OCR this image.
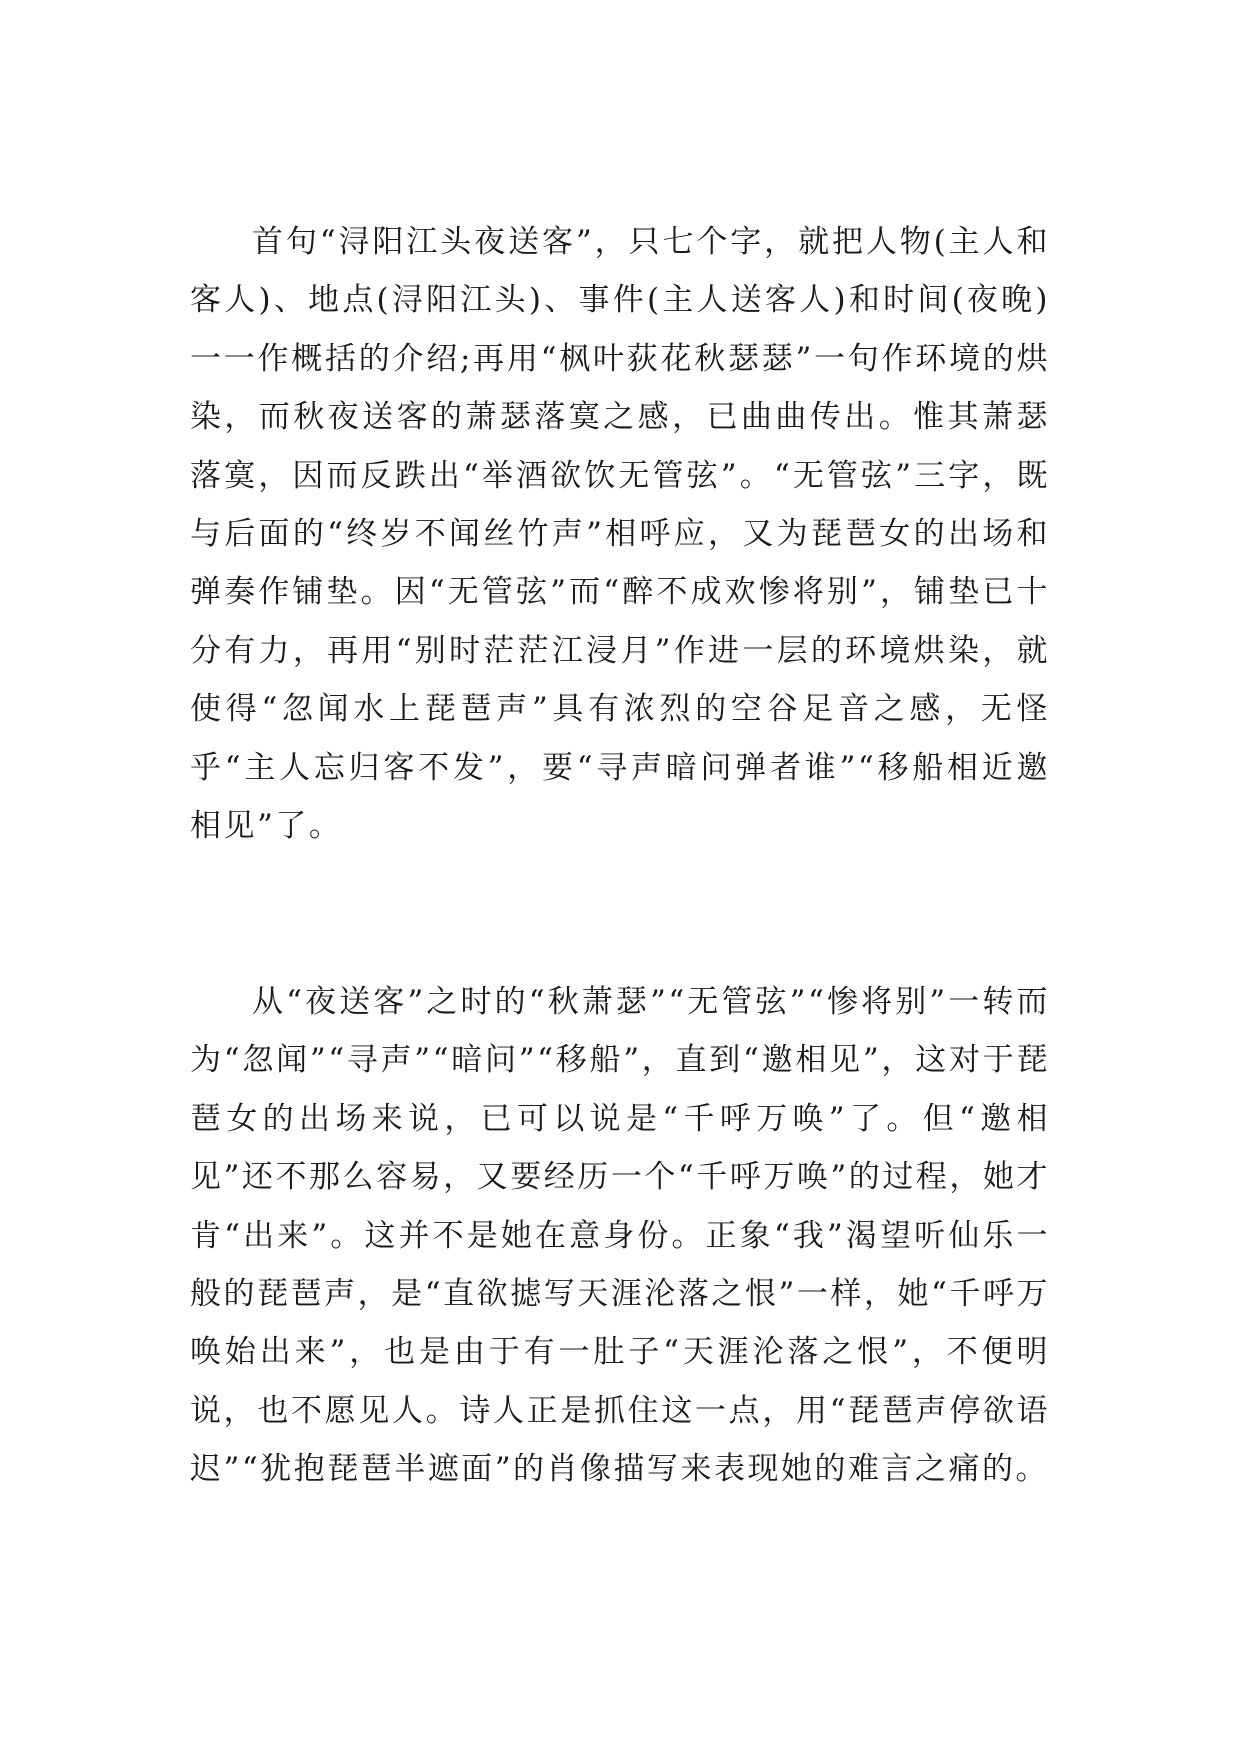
首句“浔阳江头夜送客”，只七个字，就把人物(主人和客人)、地点(浔阳江头)、事件(主人送客人)和时间(夜晚)一一作概括的介绍;再用“枫叶荻花秋瑟瑟”一句作环境的烘染，而秋夜送客的萧瑟落寞之感，已曲曲传出。惟其萧瑟落寞，因而反跌出“举酒欲饮无管弦”。“无管弦”三字，既与后面的“终岁不闻丝竹声”相呼应，又为琵琶女的出场和弹奏作铺垫。因“无管弦”而“醉不成欢惨将别”，铺垫已十分有力，再用“别时茫茫江浸月”作进一层的环境烘染，就使得“忽闻水上琵琶声”具有浓烈的空谷足音之感，无怪乎“主人忘归客不发”，要“寻声暗问弹者谁”“移船相近邀相见”了。

从“夜送客”之时的“秋萧瑟”“无管弦”“惨将别”一转而为“忽闻”“寻声”“暗问”“移船”，直到“邀相见”，这对于琵琶女的出场来说，已可以说是“千呼万唤”了。但“邀相见”还不那么容易，又要经历一个“千呼万唤”的过程，她才肯“出来”。这并不是她在意身份。正象“我”渴望听仙乐一般的琵琶声，是“直欲摅写天涯沦落之恨”一样，她“千呼万唤始出来”，也是由于有一肚子“天涯沦落之恨”，不便明说，也不愿见人。诗人正是抓住这一点，用“琵琶声停欲语迟”“犹抱琵琶半遮面”的肖像描写来表现她的难言之痛的。
